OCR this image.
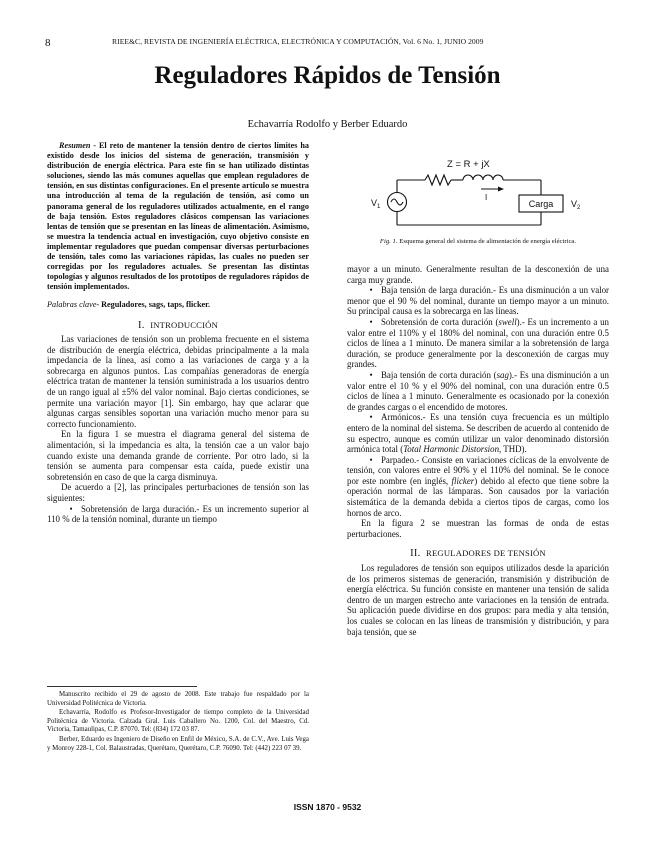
8	RIEE&C, REVISTA DE INGENIERÍA ELÉCTRICA, ELECTRÓNICA Y COMPUTACIÓN, Vol. 6 No. 1, JUNIO 2009
Reguladores Rápidos de Tensión
Echavarría Rodolfo y Berber Eduardo

Resumen - El reto de mantener la tensión dentro de ciertos límites ha existido desde los inicios del sistema de generación, transmisión y distribución de energía eléctrica. Para este fin se han utilizado distintas soluciones, siendo las más comunes aquellas que emplean reguladores de tensión, en sus distintas configuraciones. En el presente artículo se muestra una introducción al tema de la regulación de tensión, así como un panorama general de los reguladores utilizados actualmente, en el rango de baja tensión. Estos reguladores clásicos compensan las variaciones lentas de tensión que se presentan en las líneas de alimentación. Asimismo, se muestra la tendencia actual en investigación, cuyo objetivo consiste en implementar reguladores que puedan compensar diversas perturbaciones de tensión, tales como las variaciones rápidas, las cuales no pueden ser corregidas por los reguladores actuales. Se presentan las distintas topologías y algunos resultados de los prototipos de reguladores rápidos de tensión implementados.

Palabras clave- Reguladores, sags, taps, flicker.

I. INTRODUCCIÓN

Las variaciones de tensión son un problema frecuente en el sistema de distribución de energía eléctrica, debidas principalmente a la mala impedancia de la línea, así como a las variaciones de carga y a la sobrecarga en algunos puntos. Las compañías generadoras de energía eléctrica tratan de mantener la tensión suministrada a los usuarios dentro de un rango igual al ±5% del valor nominal. Bajo ciertas condiciones, se permite una variación mayor [1]. Sin embargo, hay que aclarar que algunas cargas sensibles soportan una variación mucho menor para su correcto funcionamiento.

En la figura 1 se muestra el diagrama general del sistema de alimentación, si la impedancia es alta, la tensión cae a un valor bajo cuando existe una demanda grande de corriente. Por otro lado, si la tensión se aumenta para compensar esta caída, puede existir una sobretensión en caso de que la carga disminuya.

De acuerdo a [2], las principales perturbaciones de tensión son las siguientes:

• Sobretensión de larga duración.- Es un incremento superior al 110 % de la tensión nominal, durante un tiempo

Manuscrito recibido el 29 de agosto de 2008. Este trabajo fue respaldado por la Universidad Politécnica de Victoria.

Echavarría, Rodolfo es Profesor-Investigador de tiempo completo de la Universidad Politécnica de Victoria. Calzada Gral. Luis Caballero No. 1200, Col. del Maestro, Cd. Victoria, Tamaulipas, C.P. 87070. Tel: (834) 172 03 87.

Berber, Eduardo es Ingeniero de Diseño en Enfil de México, S.A. de C.V., Ave. Luis Vega y Monroy 228-1, Col. Balaustradas, Querétaro, Querétaro, C.P. 76090. Tel: (442) 223 07 39.

Z = R + jX
I
Carga
$V_1$	$V_2$
Fig. 1. Esquema general del sistema de alimentación de energía eléctrica.

mayor a un minuto. Generalmente resultan de la desconexión de una carga muy grande.

• Baja tensión de larga duración.- Es una disminución a un valor menor que el 90 % del nominal, durante un tiempo mayor a un minuto. Su principal causa es la sobrecarga en las líneas.

• Sobretensión de corta duración (swell).- Es un incremento a un valor entre el 110% y el 180% del nominal, con una duración entre 0.5 ciclos de línea a 1 minuto. De manera similar a la sobretensión de larga duración, se produce generalmente por la desconexión de cargas muy grandes.

• Baja tensión de corta duración (sag).- Es una disminución a un valor entre el 10 % y el 90% del nominal, con una duración entre 0.5 ciclos de línea a 1 minuto. Generalmente es ocasionado por la conexión de grandes cargas o el encendido de motores.

• Armónicos.- Es una tensión cuya frecuencia es un múltiplo entero de la nominal del sistema. Se describen de acuerdo al contenido de su espectro, aunque es común utilizar un valor denominado distorsión armónica total (Total Harmonic Distorsion, THD).

• Parpadeo.- Consiste en variaciones cíclicas de la envolvente de tensión, con valores entre el 90% y el 110% del nominal. Se le conoce por este nombre (en inglés, flicker) debido al efecto que tiene sobre la operación normal de las lámparas. Son causados por la variación sistemática de la demanda debida a ciertos tipos de cargas, como los hornos de arco.

En la figura 2 se muestran las formas de onda de estas perturbaciones.

II. REGULADORES DE TENSIÓN

Los reguladores de tensión son equipos utilizados desde la aparición de los primeros sistemas de generación, transmisión y distribución de energía eléctrica. Su función consiste en mantener una tensión de salida dentro de un margen estrecho ante variaciones en la tensión de entrada. Su aplicación puede dividirse en dos grupos: para media y alta tensión, los cuales se colocan en las líneas de transmisión y distribución, y para baja tensión, que se

ISSN 1870 - 9532
